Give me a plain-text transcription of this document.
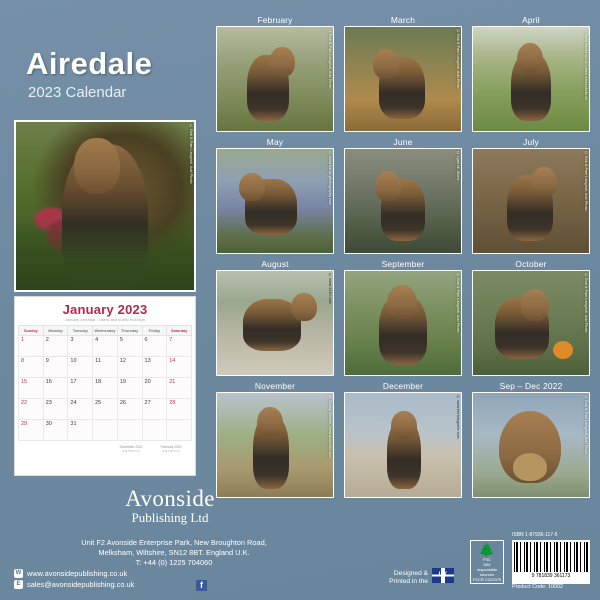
Airedale
2023 Calendar
© Bob & Pam Langrish, Add Photo
January 2023
January calendar - dates and public holidays
Sunday	Monday	Tuesday	Wednesday	Thursday	Friday	Saturday
1	2	3	4	5	6	7
8	9	10	11	12	13	14
15	16	17	18	19	20	21
22	23	24	25	26	27	28
29	30	31				
December 2022
S M T W T F S
February 2023
S M T W T F S
Avonside
Publishing Ltd
Unit F2 Avonside Enterprise Park, New Broughton Road,
Melksham, Wiltshire, SN12 8BT. England U.K.
T: +44 (0) 1225 704060
W www.avonsidepublishing.co.uk
E sales@avonsidepublishing.co.uk	f
February
© Bob & Pam Langrish, Add Photo
March
© Bob & Pam Langrish, Add Photo
April
© www.fotolia.co.uk / www.istockphoto.de
May
© www.hartje-photography.com
June
© Lynn M. Stone
July
© Bob & Pam Langrish, Add Photo
August
© www.123rf.com
September
© Bob & Pam Langrish, Add Photo
October
© Bob & Pam Langrish, Add Photo
November
© Sunny Sander, www.avonside.com
December
© www.tierfotografie.com
Sep – Dec 2022
© Bob & Pam Langrish, Add Photo
Designed &
Printed in the
UK
🌲
FSC
MIX
responsible sources
FSC® C022979
ISBN 1-87936-117-5
9 781839 361173
Product Code: 10002
